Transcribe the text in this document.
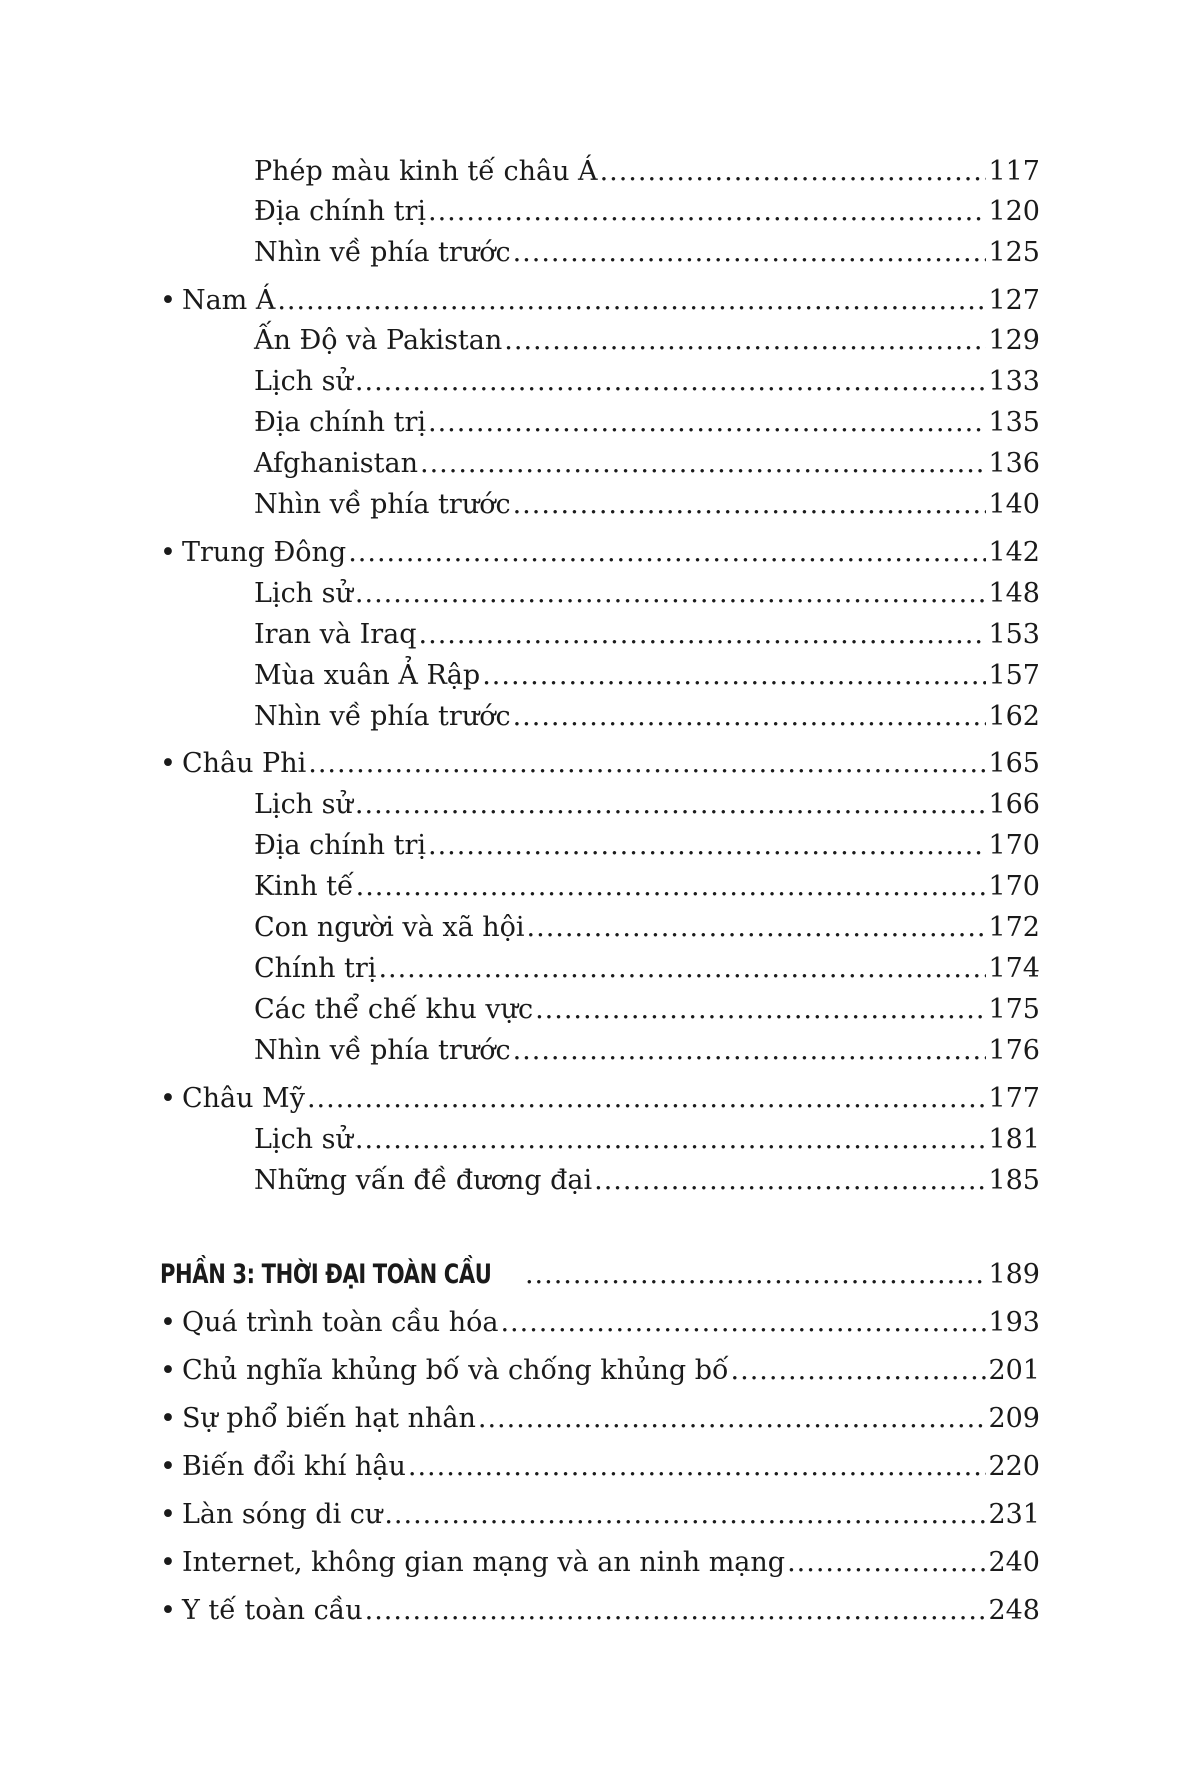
Phép màu kinh tế châu Á .....	117
Địa chính trị .....	120
Nhìn về phía trước .....	125
• Nam Á .....	127
Ấn Độ và Pakistan .....	129
Lịch sử .....	133
Địa chính trị .....	135
Afghanistan .....	136
Nhìn về phía trước .....	140
• Trung Đông .....	142
Lịch sử .....	148
Iran và Iraq .....	153
Mùa xuân Ả Rập .....	157
Nhìn về phía trước .....	162
• Châu Phi .....	165
Lịch sử .....	166
Địa chính trị .....	170
Kinh tế .....	170
Con người và xã hội .....	172
Chính trị .....	174
Các thể chế khu vực .....	175
Nhìn về phía trước .....	176
• Châu Mỹ .....	177
Lịch sử .....	181
Những vấn đề đương đại .....	185
PHẦN 3: THỜI ĐẠI TOÀN CẦU .....	189
• Quá trình toàn cầu hóa .....	193
• Chủ nghĩa khủng bố và chống khủng bố .....	201
• Sự phổ biến hạt nhân .....	209
• Biến đổi khí hậu .....	220
• Làn sóng di cư .....	231
• Internet, không gian mạng và an ninh mạng .....	240
• Y tế toàn cầu .....	248
